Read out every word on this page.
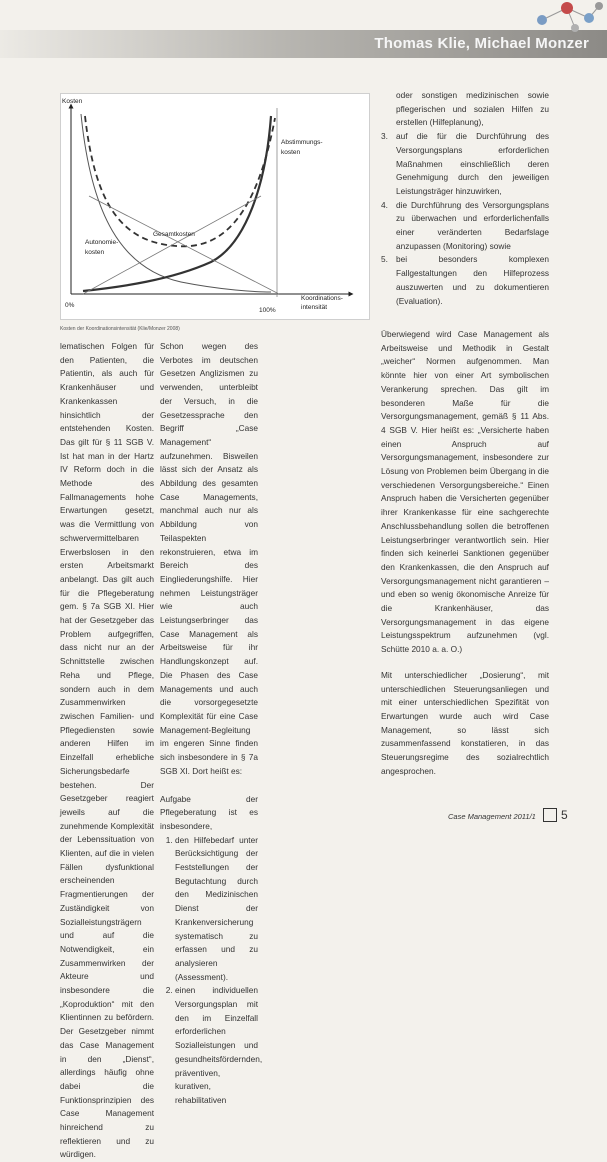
Thomas Klie, Michael Monzer
Kosten
0%
100%
Koordinations-
intensität
Abstimmungs-
kosten
Autonomie-
kosten
Gesamtkosten
Kosten der Koordinationsintensität (Klie/Monzer 2008)

lematischen Folgen für den Patienten, die Patientin, als auch für Krankenhäuser und Krankenkassen hinsichtlich der entstehenden Kosten. Das gilt für § 11 SGB V. Ist hat man in der Hartz IV Reform doch in die Methode des Fallmanagements hohe Erwartungen gesetzt, was die Vermittlung von schwervermittelbaren Erwerbslosen in den ersten Arbeitsmarkt anbelangt. Das gilt auch für die Pflegeberatung gem. § 7a SGB XI. Hier hat der Gesetzgeber das Problem aufgegriffen, dass nicht nur an der Schnittstelle zwischen Reha und Pflege, sondern auch in dem Zusammenwirken zwischen Familien- und Pflegediensten sowie anderen Hilfen im Einzelfall erhebliche Sicherungsbedarfe bestehen. Der Gesetzgeber reagiert jeweils auf die zunehmende Komplexität der Lebenssituation von Klienten, auf die in vielen Fällen dysfunktional erscheinenden Fragmentierungen der Zuständigkeit von Sozialleistungsträgern und auf die Notwendigkeit, ein Zusammenwirken der Akteure und insbesondere die „Koproduktion“ mit den Klientinnen zu befördern. Der Gesetzgeber nimmt das Case Management in den „Dienst“, allerdings häufig ohne dabei die Funktionsprinzipien des Case Management hinreichend zu reflektieren und zu würdigen.

Schon wegen des Verbotes im deutschen Gesetzen Anglizismen zu verwenden, unterbleibt der Versuch, in die Gesetzessprache den Begriff „Case Management“ aufzunehmen. Bisweilen lässt sich der Ansatz als Abbildung des gesamten Case Managements, manchmal auch nur als Abbildung von Teilaspekten rekonstruieren, etwa im Bereich des Eingliederungshilfe. Hier nehmen Leistungsträger wie auch Leistungserbringer das Case Management als Arbeitsweise für ihr Handlungskonzept auf. Die Phasen des Case Managements und auch die vorsorgegesetzte Komplexität für eine Case Management-Begleitung im engeren Sinne finden sich insbesondere in § 7a SGB XI. Dort heißt es:

Aufgabe der Pflegeberatung ist es insbesondere,

1. den Hilfebedarf unter Berücksichtigung der Feststellungen der Begutachtung durch den Medizinischen Dienst der Krankenversicherung systematisch zu erfassen und zu analysieren (Assessment).
2. einen individuellen Versorgungsplan mit den im Einzelfall erforderlichen Sozialleistungen und gesundheitsfördernden, präventiven, kurativen, rehabilitativen

oder sonstigen medizinischen sowie pflegerischen und sozialen Hilfen zu erstellen (Hilfeplanung),

3. auf die für die Durchführung des Versorgungsplans erforderlichen Maßnahmen einschließlich deren Genehmigung durch den jeweiligen Leistungsträger hinzuwirken,
4. die Durchführung des Versorgungsplans zu überwachen und erforderlichenfalls einer veränderten Bedarfslage anzupassen (Monitoring) sowie
5. bei besonders komplexen Fallgestaltungen den Hilfeprozess auszuwerten und zu dokumentieren (Evaluation).

Überwiegend wird Case Management als Arbeitsweise und Methodik in Gestalt „weicher“ Normen aufgenommen. Man könnte hier von einer Art symbolischen Verankerung sprechen. Das gilt im besonderen Maße für die Versorgungsmanagement, gemäß § 11 Abs. 4 SGB V. Hier heißt es: „Versicherte haben einen Anspruch auf Versorgungsmanagement, insbesondere zur Lösung von Problemen beim Übergang in die verschiedenen Versorgungsbereiche.“ Einen Anspruch haben die Versicherten gegenüber ihrer Krankenkasse für eine sachgerechte Anschlussbehandlung sollen die betroffenen Leistungserbringer verantwortlich sein. Hier finden sich keinerlei Sanktionen gegenüber den Krankenkassen, die den Anspruch auf Versorgungsmanagement nicht garantieren – und eben so wenig ökonomische Anreize für die Krankenhäuser, das Versorgungsmanagement in das eigene Leistungsspektrum aufzunehmen (vgl. Schütte 2010 a. a. O.)

Mit unterschiedlicher „Dosierung“, mit unterschiedlichen Steuerungsanliegen und mit einer unterschiedlichen Spezifität von Erwartungen wurde auch wird Case Management, so lässt sich zusammenfassend konstatieren, in das Steuerungsregime des sozialrechtlich angesprochen.

Case Management 2011/1	5
